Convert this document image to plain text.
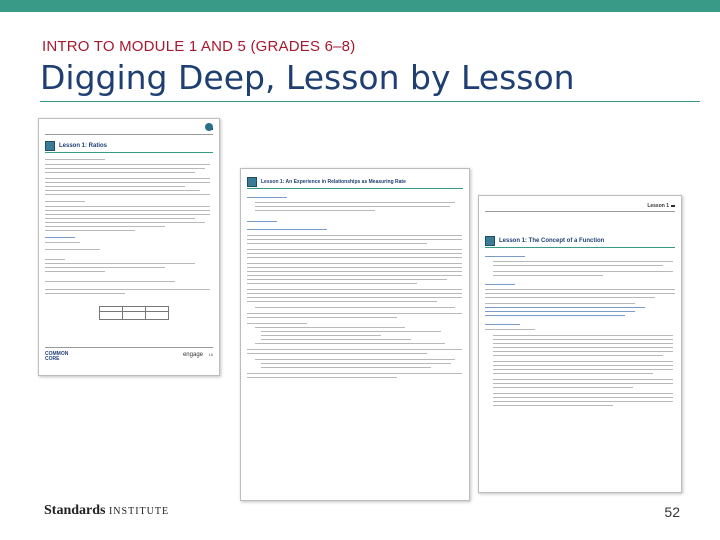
INTRO TO MODULE 1 AND 5 (GRADES 6–8)
Digging Deep, Lesson by Lesson
Lesson 1: Ratios
COMMON
CORE
engage 16
Lesson 1: An Experience in Relationships as Measuring Rate
Lesson 1
Lesson 1: The Concept of a Function
Standards INSTITUTE	52
